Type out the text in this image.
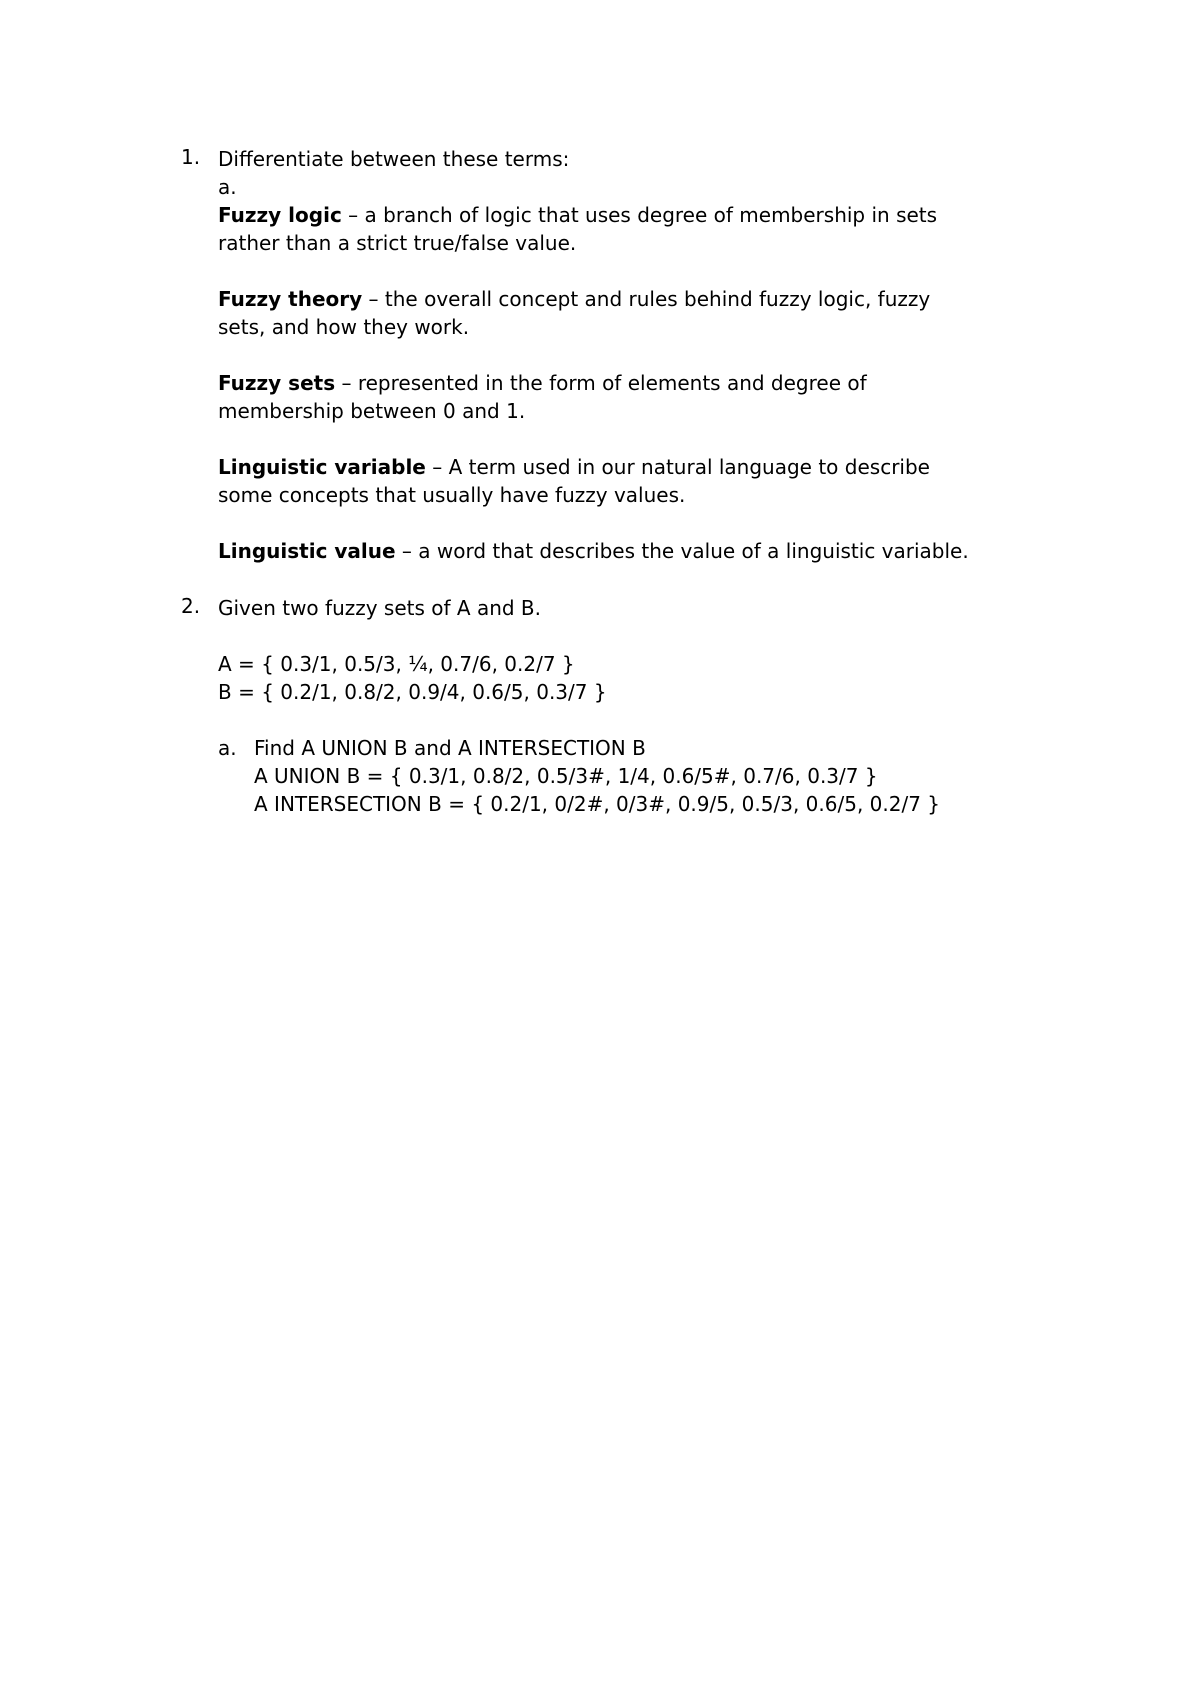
1. Differentiate between these terms:
a.
Fuzzy logic – a branch of logic that uses degree of membership in sets
rather than a strict true/false value.
Fuzzy theory – the overall concept and rules behind fuzzy logic, fuzzy
sets, and how they work.
Fuzzy sets – represented in the form of elements and degree of
membership between 0 and 1.
Linguistic variable – A term used in our natural language to describe
some concepts that usually have fuzzy values.
Linguistic value – a word that describes the value of a linguistic variable.
2. Given two fuzzy sets of A and B.
A = { 0.3/1, 0.5/3, ¼, 0.7/6, 0.2/7 }
B = { 0.2/1, 0.8/2, 0.9/4, 0.6/5, 0.3/7 }
a. Find A UNION B and A INTERSECTION B
A UNION B = { 0.3/1, 0.8/2, 0.5/3#, 1/4, 0.6/5#, 0.7/6, 0.3/7 }
A INTERSECTION B = { 0.2/1, 0/2#, 0/3#, 0.9/5, 0.5/3, 0.6/5, 0.2/7 }
